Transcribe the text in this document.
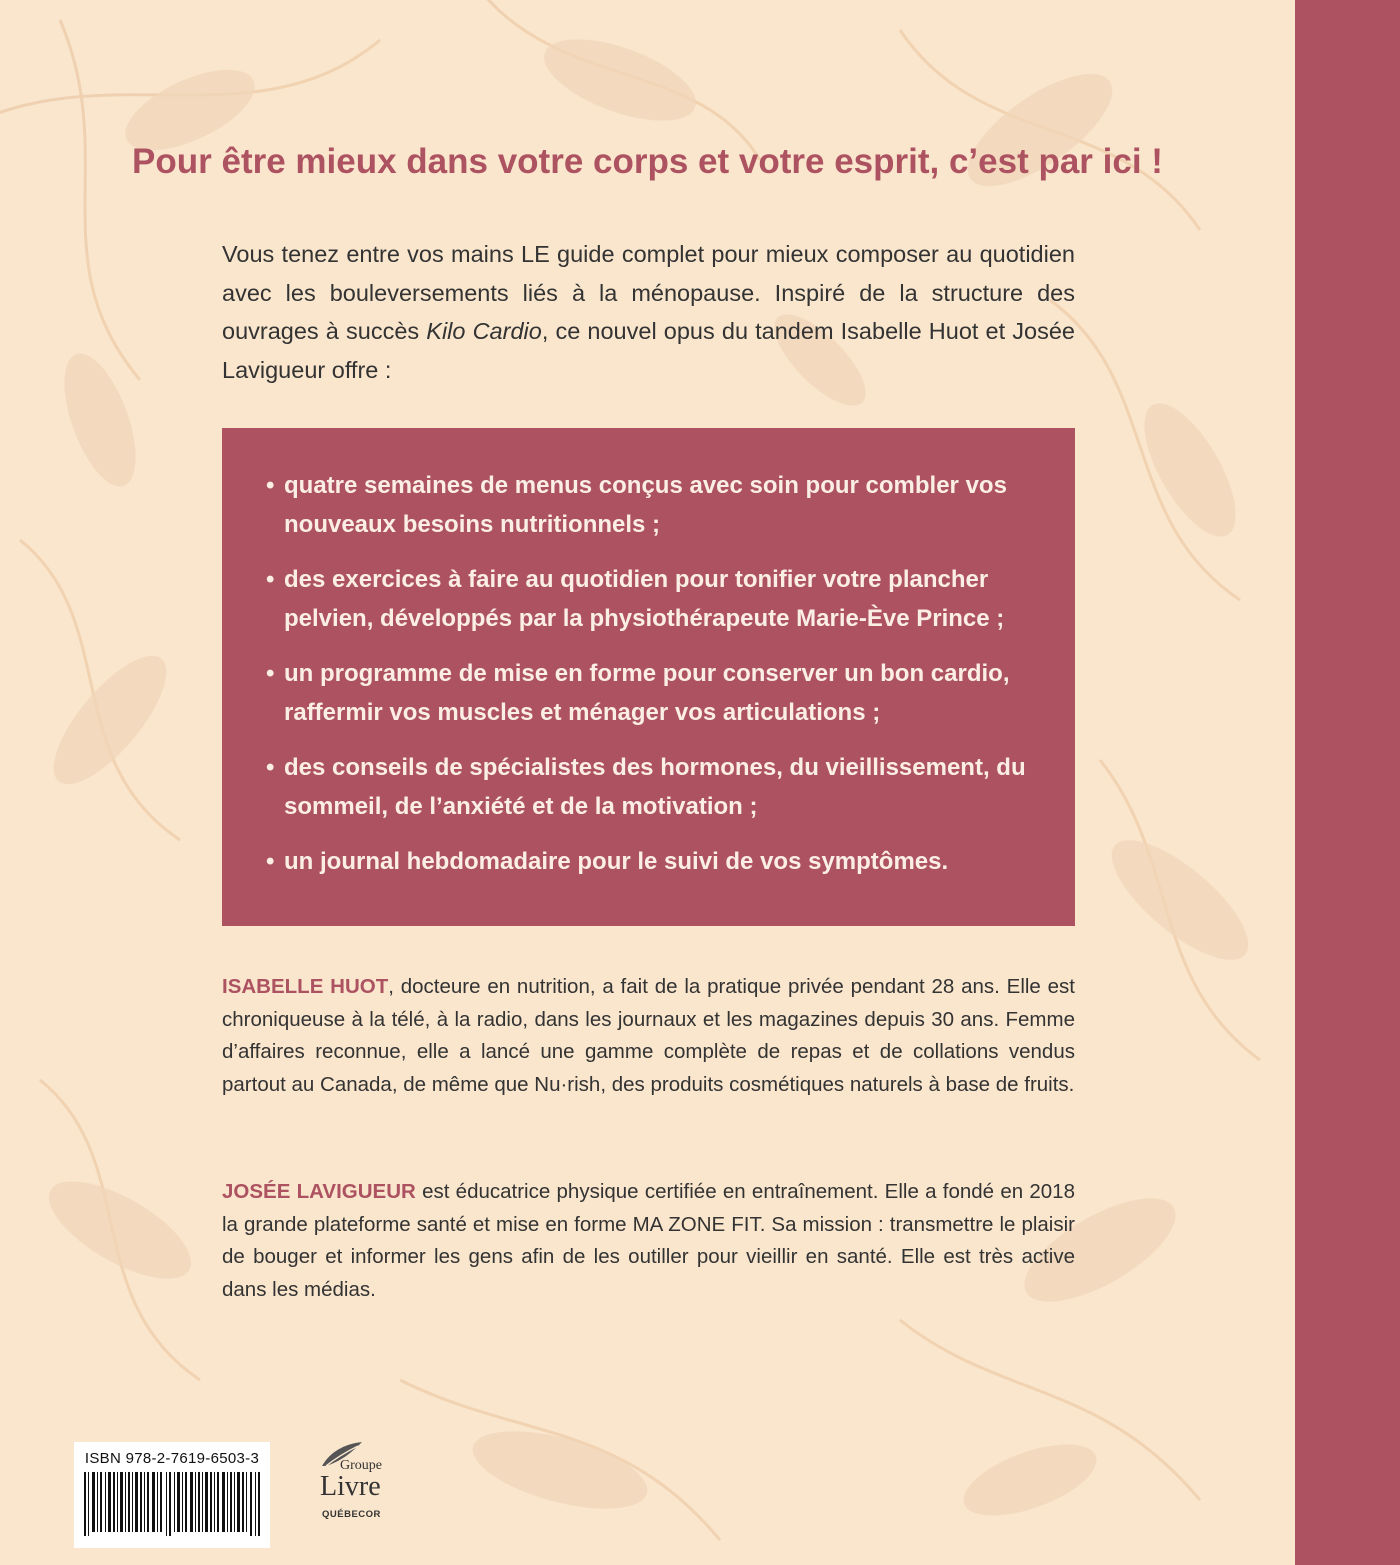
Pour être mieux dans votre corps et votre esprit, c’est par ici !

Vous tenez entre vos mains LE guide complet pour mieux composer au quotidien avec les bouleversements liés à la ménopause. Inspiré de la structure des ouvrages à succès Kilo Cardio, ce nouvel opus du tandem Isabelle Huot et Josée Lavigueur offre :

• quatre semaines de menus conçus avec soin pour combler vos nouveaux besoins nutritionnels ;
• des exercices à faire au quotidien pour tonifier votre plancher pelvien, développés par la physiothérapeute Marie-Ève Prince ;
• un programme de mise en forme pour conserver un bon cardio, raffermir vos muscles et ménager vos articulations ;
• des conseils de spécialistes des hormones, du vieillissement, du sommeil, de l’anxiété et de la motivation ;
• un journal hebdomadaire pour le suivi de vos symptômes.

ISABELLE HUOT, docteure en nutrition, a fait de la pratique privée pendant 28 ans. Elle est chroniqueuse à la télé, à la radio, dans les journaux et les magazines depuis 30 ans. Femme d’affaires reconnue, elle a lancé une gamme complète de repas et de collations vendus partout au Canada, de même que Nu·rish, des produits cosmétiques naturels à base de fruits.

JOSÉE LAVIGUEUR est éducatrice physique certifiée en entraînement. Elle a fondé en 2018 la grande plateforme santé et mise en forme MA ZONE FIT. Sa mission : transmettre le plaisir de bouger et informer les gens afin de les outiller pour vieillir en santé. Elle est très active dans les médias.

ISBN 978-2-7619-6503-3	Groupe
Livre
QUÉBECOR
